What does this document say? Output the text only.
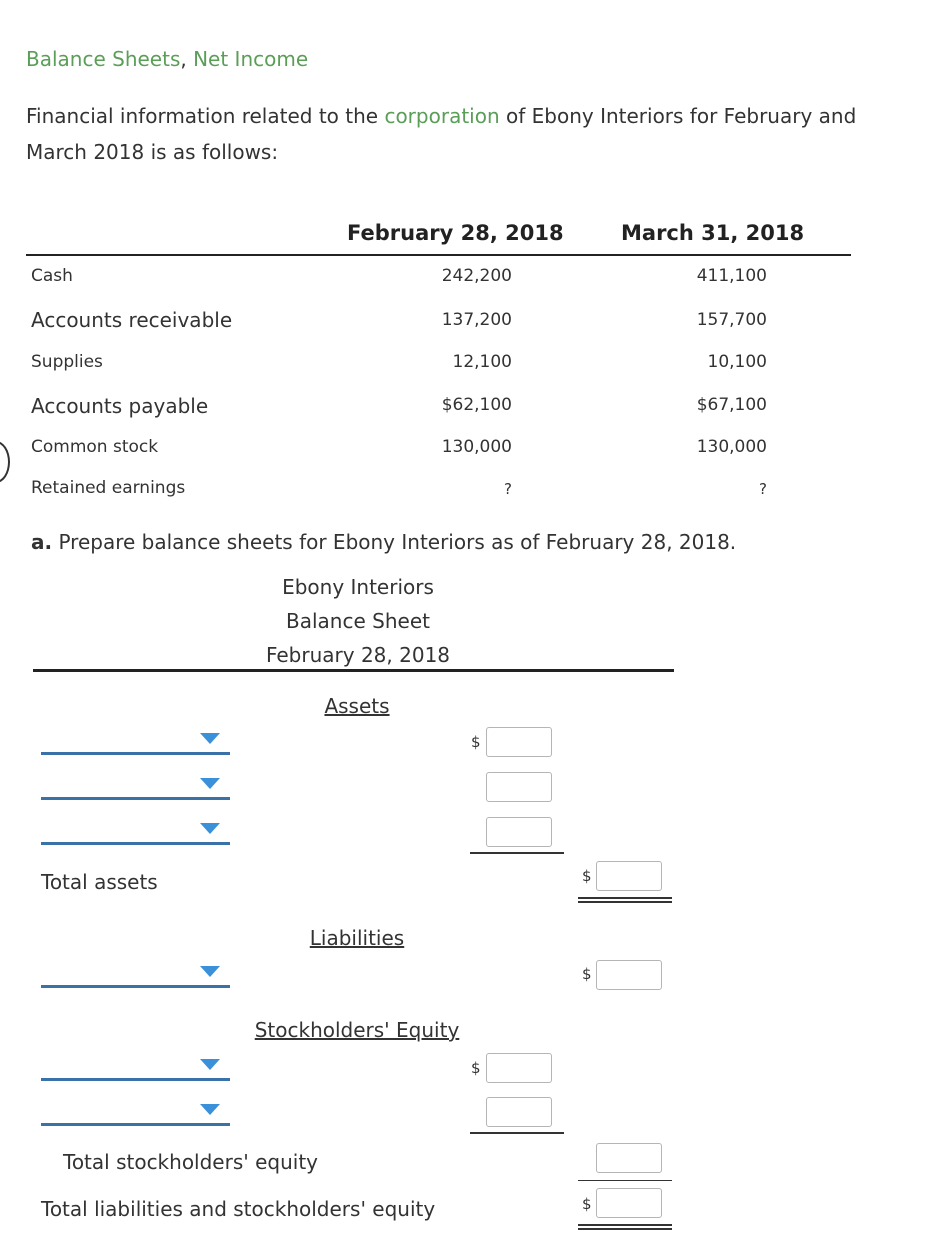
Balance Sheets, Net Income
Financial information related to the corporation of Ebony Interiors for February and March 2018 is as follows:
February 28, 2018	March 31, 2018
Cash	242,200	411,100
Accounts receivable	137,200	157,700
Supplies	12,100	10,100
Accounts payable	$62,100	$67,100
Common stock	130,000	130,000
Retained earnings	?	?
a. Prepare balance sheets for Ebony Interiors as of February 28, 2018.
Ebony Interiors
Balance Sheet
February 28, 2018
Assets
$
Total assets	$
Liabilities
$
Stockholders' Equity
$
Total stockholders' equity
Total liabilities and stockholders' equity	$
